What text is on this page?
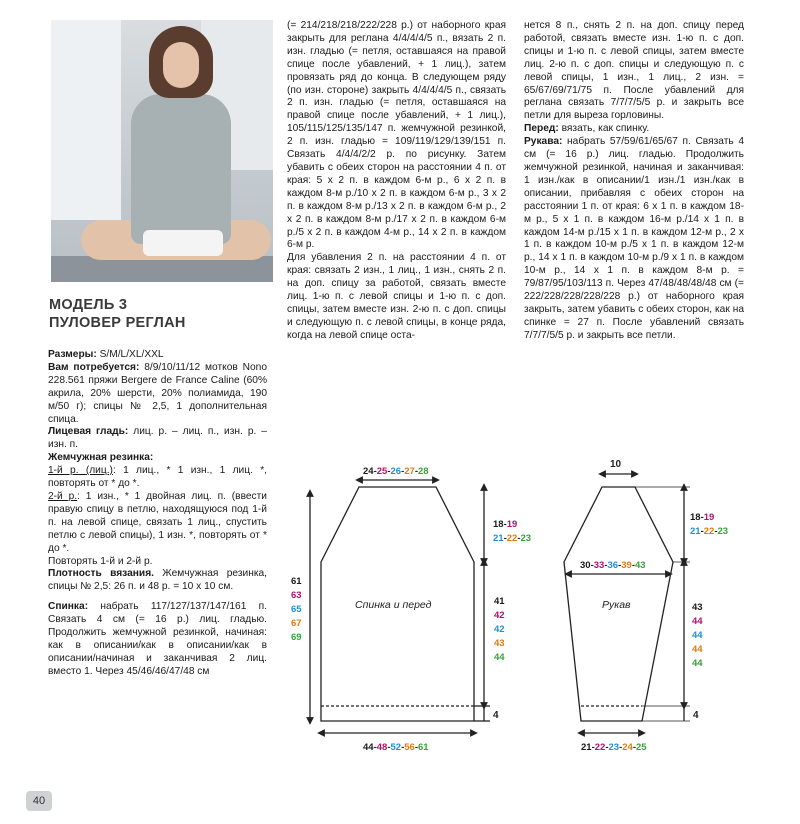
МОДЕЛЬ 3
ПУЛОВЕР РЕГЛАН

Размеры: S/M/L/XL/XXL

Вам потребуется: 8/9/10/11/12 мотков Nono 228.561 пряжи Bergere de France Caline (60% акрила, 20% шерсти, 20% полиамида, 190 м/50 г); спицы № 2,5, 1 дополнительная спица.

Лицевая гладь: лиц. р. – лиц. п., изн. р. – изн. п.

Жемчужная резинка:

1-й р. (лиц.): 1 лиц., * 1 изн., 1 лиц. *, повторять от * до *.

2-й р.: 1 изн., * 1 двойная лиц. п. (ввести правую спицу в петлю, находящуюся под 1-й п. на левой спице, связать 1 лиц., спустить петлю с левой спицы), 1 изн. *, повторять от * до *.

Повторять 1-й и 2-й р.

Плотность вязания. Жемчужная резинка, спицы № 2,5: 26 п. и 48 р. = 10 х 10 см.

Спинка: набрать 117/127/137/147/161 п. Связать 4 см (= 16 р.) лиц. гладью. Продолжить жемчужной резинкой, начиная: как в описании/как в описании/как в описании/начиная и заканчивая 2 лиц. вместо 1. Через 45/46/46/47/48 см

(= 214/218/218/222/228 р.) от наборного края закрыть для реглана 4/4/4/4/5 п., вязать 2 п. изн. гладью (= петля, оставшаяся на правой спице после убавлений, + 1 лиц.), затем провязать ряд до конца. В следующем ряду (по изн. стороне) закрыть 4/4/4/4/5 п., связать 2 п. изн. гладью (= петля, оставшаяся на правой спице после убавлений, + 1 лиц.), 105/115/125/135/147 п. жемчужной резинкой, 2 п. изн. гладью = 109/119/129/139/151 п. Связать 4/4/4/2/2 р. по рисунку. Затем убавить с обеих сторон на расстоянии 4 п. от края: 5 х 2 п. в каждом 6-м р., 6 х 2 п. в каждом 8-м р./10 х 2 п. в каждом 6-м р., 3 х 2 п. в каждом 8-м р./13 х 2 п. в каждом 6-м р., 2 х 2 п. в каждом 8-м р./17 х 2 п. в каждом 6-м р./5 х 2 п. в каждом 4-м р., 14 х 2 п. в каждом 6-м р.

Для убавления 2 п. на расстоянии 4 п. от края: связать 2 изн., 1 лиц., 1 изн., снять 2 п. на доп. спицу за работой, связать вместе лиц. 1-ю п. с левой спицы и 1-ю п. с доп. спицы, затем вместе изн. 2-ю п. с доп. спицы и следующую п. с левой спицы, в конце ряда, когда на левой спице оста-

нется 8 п., снять 2 п. на доп. спицу перед работой, связать вместе изн. 1-ю п. с доп. спицы и 1-ю п. с левой спицы, затем вместе лиц. 2-ю п. с доп. спицы и следующую п. с левой спицы, 1 изн., 1 лиц., 2 изн. = 65/67/69/71/75 п. После убавлений для реглана связать 7/7/7/5/5 р. и закрыть все петли для выреза горловины.

Перед: вязать, как спинку.

Рукава: набрать 57/59/61/65/67 п. Связать 4 см (= 16 р.) лиц. гладью. Продолжить жемчужной резинкой, начиная и заканчивая: 1 изн./как в описании/1 изн./1 изн./как в описании, прибавляя с обеих сторон на расстоянии 1 п. от края: 6 х 1 п. в каждом 18-м р., 5 х 1 п. в каждом 16-м р./14 х 1 п. в каждом 14-м р./15 х 1 п. в каждом 12-м р., 2 х 1 п. в каждом 10-м р./5 х 1 п. в каждом 12-м р., 14 х 1 п. в каждом 10-м р./9 х 1 п. в каждом 10-м р., 14 х 1 п. в каждом 8-м р. = 79/87/95/103/113 п. Через 47/48/48/48/48 см (= 222/228/228/228/228 р.) от наборного края закрыть, затем убавить с обеих сторон, как на спинке = 27 п. После убавлений связать 7/7/7/5/5 р. и закрыть все петли.

Спинка и перед
24-25-26-27-28
44-48-52-56-61
61
63
65
67
69
18-19
21-22-23
41
42
42
43
44
4
Рукав
10
30-33-36-39-43
21-22-23-24-25
18-19
21-22-23
43
44
44
44
44
4
40
